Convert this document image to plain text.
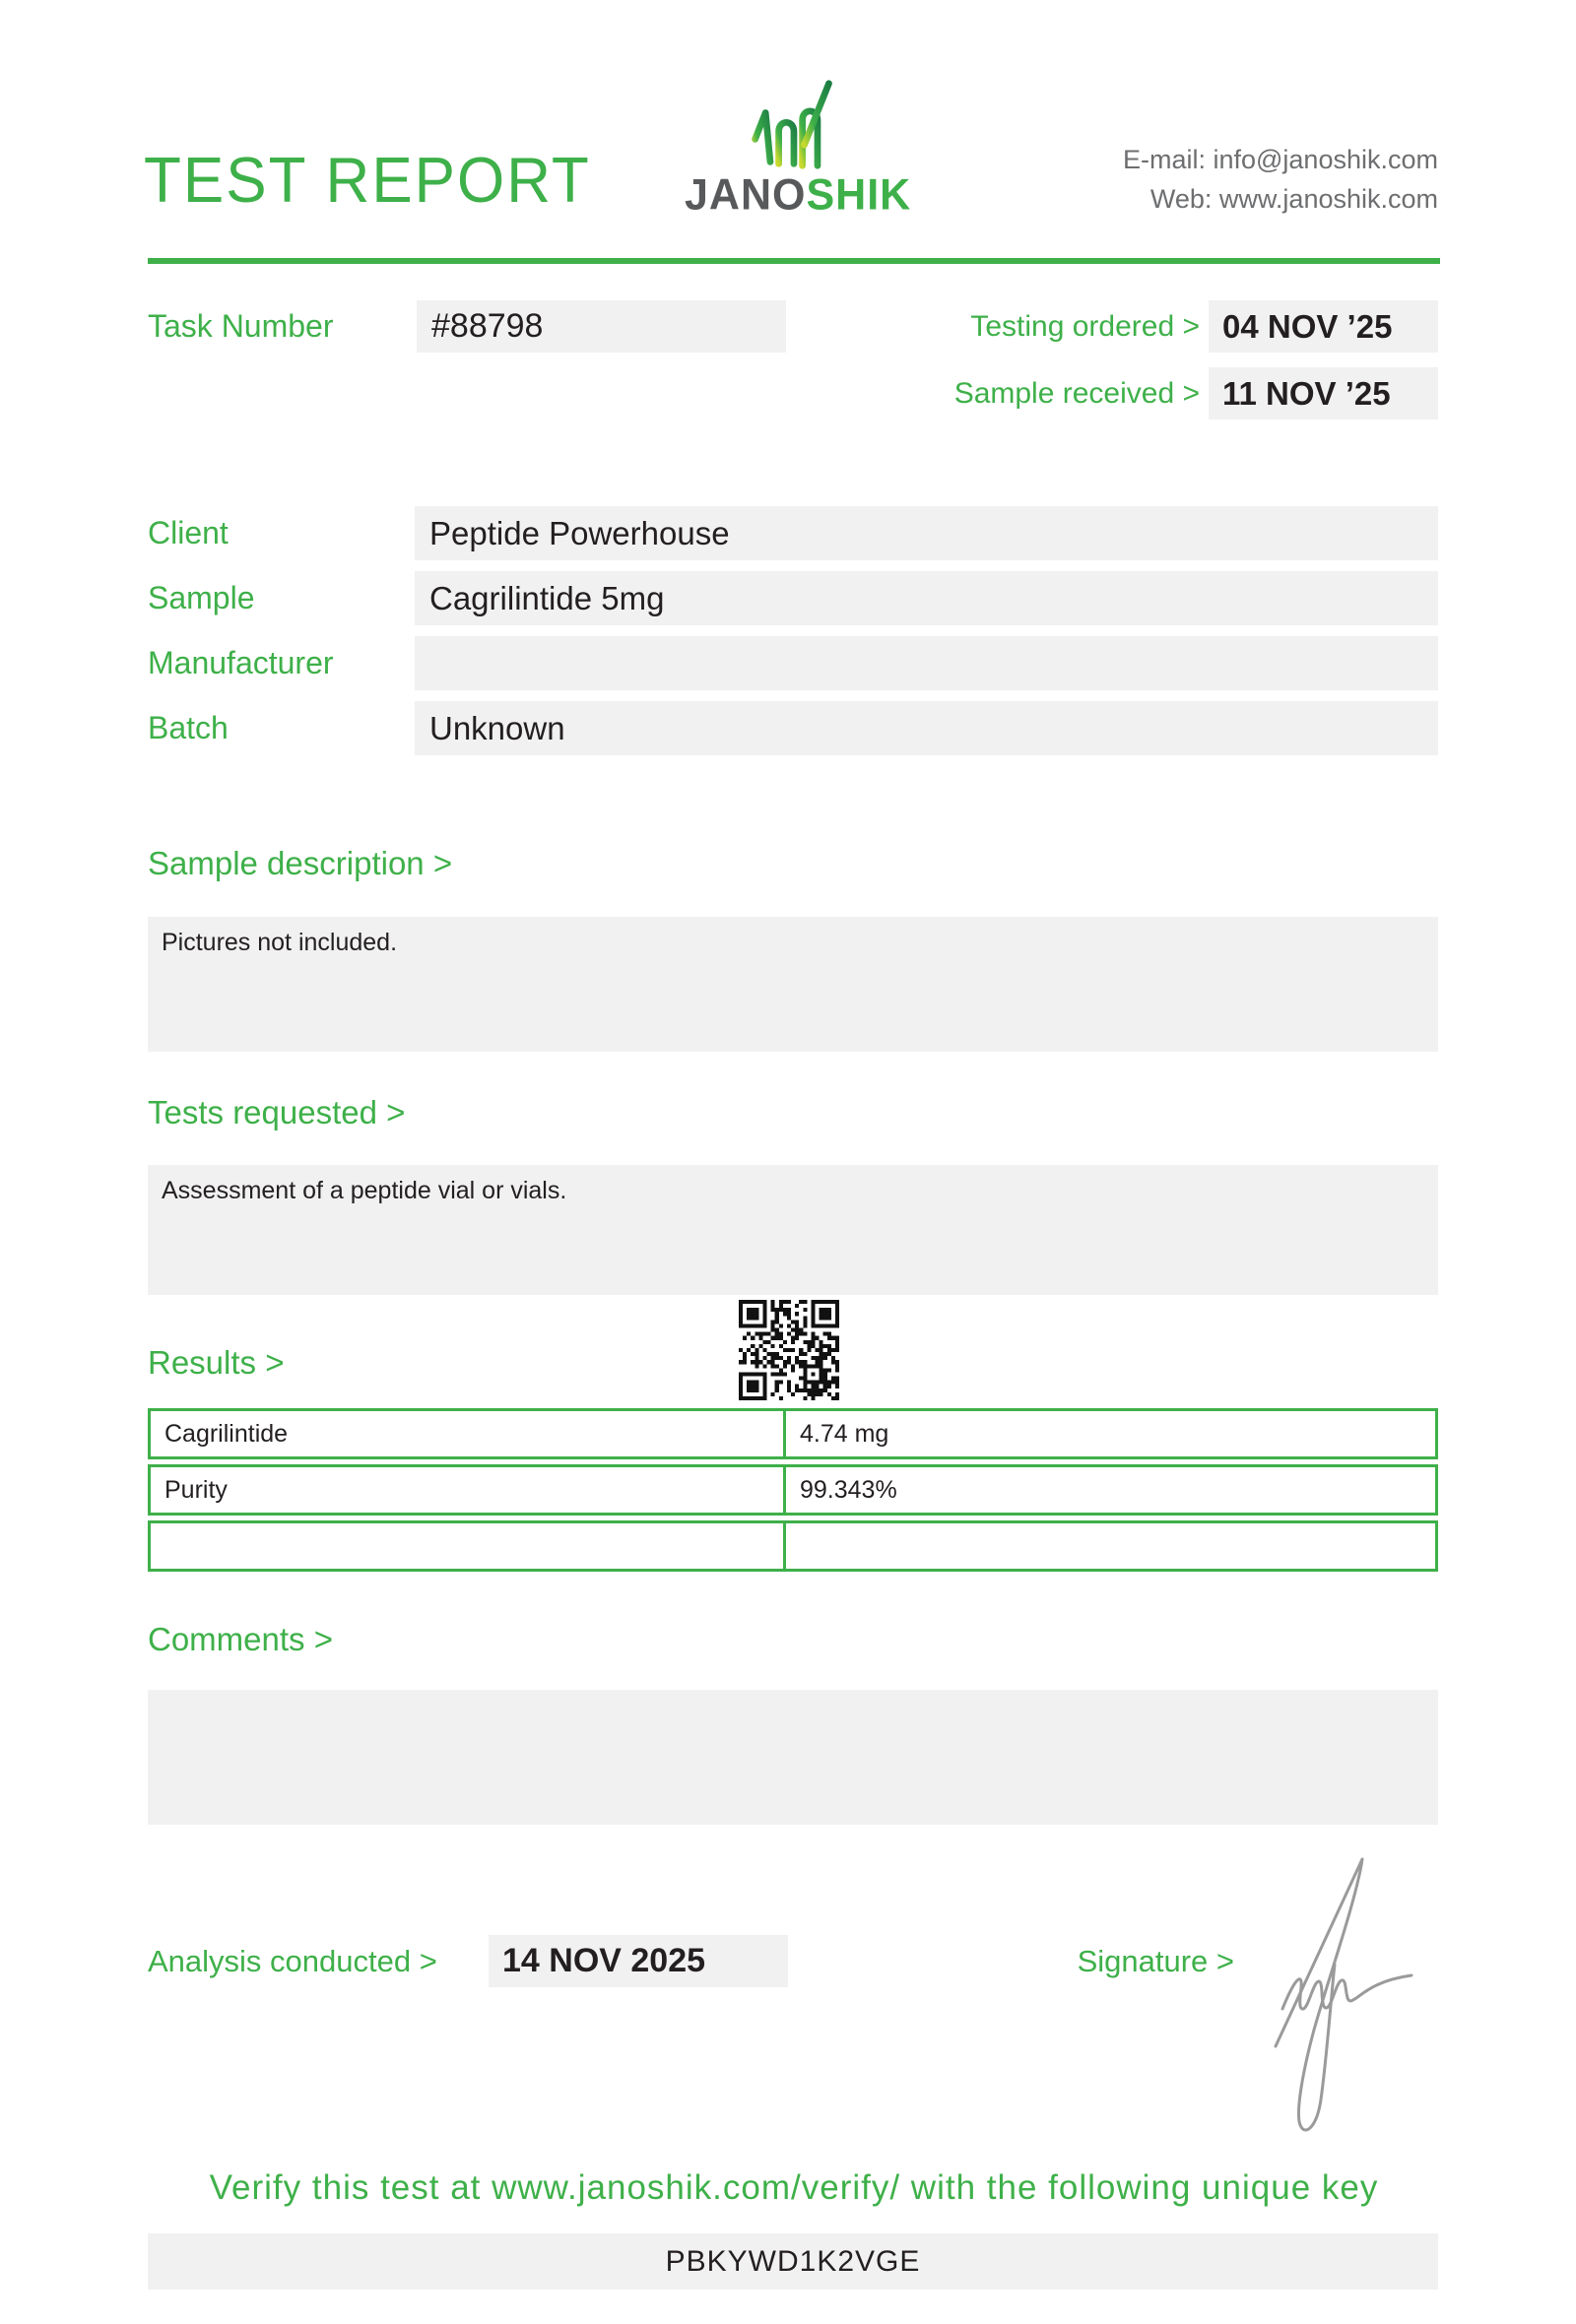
TEST REPORT JANOSHIK
E-mail: info@janoshik.com
Web: www.janoshik.com
Task Number	#88798	Testing ordered > 04 NOV ’25
Sample received > 11 NOV ’25
Client	Peptide Powerhouse
Sample	Cagrilintide 5mg
Manufacturer
Batch	Unknown
Sample description >
Pictures not included.
Tests requested >
Assessment of a peptide vial or vials.
Results >
Cagrilintide	4.74 mg
Purity	99.343%
Comments >
Analysis conducted >	14 NOV 2025	Signature >
Verify this test at www.janoshik.com/verify/ with the following unique key
PBKYWD1K2VGE
